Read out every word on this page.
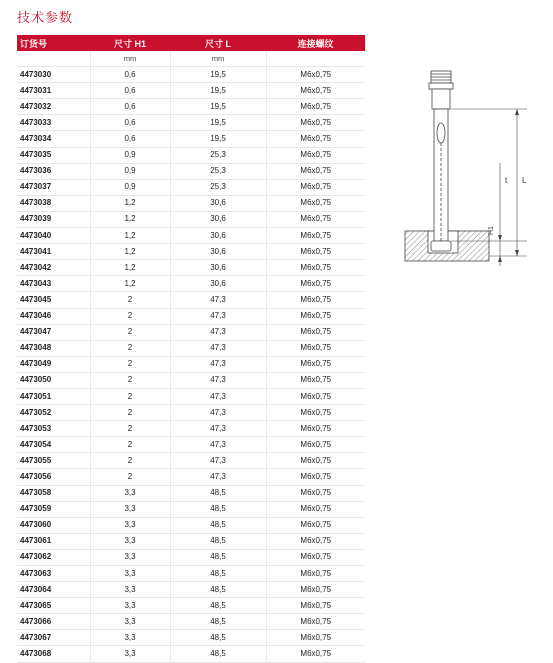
技术参数
订货号	尺寸 H1	尺寸 L	连接螺纹
	mm	mm	
4473030	0,6	19,5	M6x0,75
4473031	0,6	19,5	M6x0,75
4473032	0,6	19,5	M6x0,75
4473033	0,6	19,5	M6x0,75
4473034	0,6	19,5	M6x0,75
4473035	0,9	25,3	M6x0,75
4473036	0,9	25,3	M6x0,75
4473037	0,9	25,3	M6x0,75
4473038	1,2	30,6	M6x0,75
4473039	1,2	30,6	M6x0,75
4473040	1,2	30,6	M6x0,75
4473041	1,2	30,6	M6x0,75
4473042	1,2	30,6	M6x0,75
4473043	1,2	30,6	M6x0,75
4473045	2	47,3	M6x0,75
4473046	2	47,3	M6x0,75
4473047	2	47,3	M6x0,75
4473048	2	47,3	M6x0,75
4473049	2	47,3	M6x0,75
4473050	2	47,3	M6x0,75
4473051	2	47,3	M6x0,75
4473052	2	47,3	M6x0,75
4473053	2	47,3	M6x0,75
4473054	2	47,3	M6x0,75
4473055	2	47,3	M6x0,75
4473056	2	47,3	M6x0,75
4473058	3,3	48,5	M6x0,75
4473059	3,3	48,5	M6x0,75
4473060	3,3	48,5	M6x0,75
4473061	3,3	48,5	M6x0,75
4473062	3,3	48,5	M6x0,75
4473063	3,3	48,5	M6x0,75
4473064	3,3	48,5	M6x0,75
4473065	3,3	48,5	M6x0,75
4473066	3,3	48,5	M6x0,75
4473067	3,3	48,5	M6x0,75
4473068	3,3	48,5	M6x0,75
L
t
H1
